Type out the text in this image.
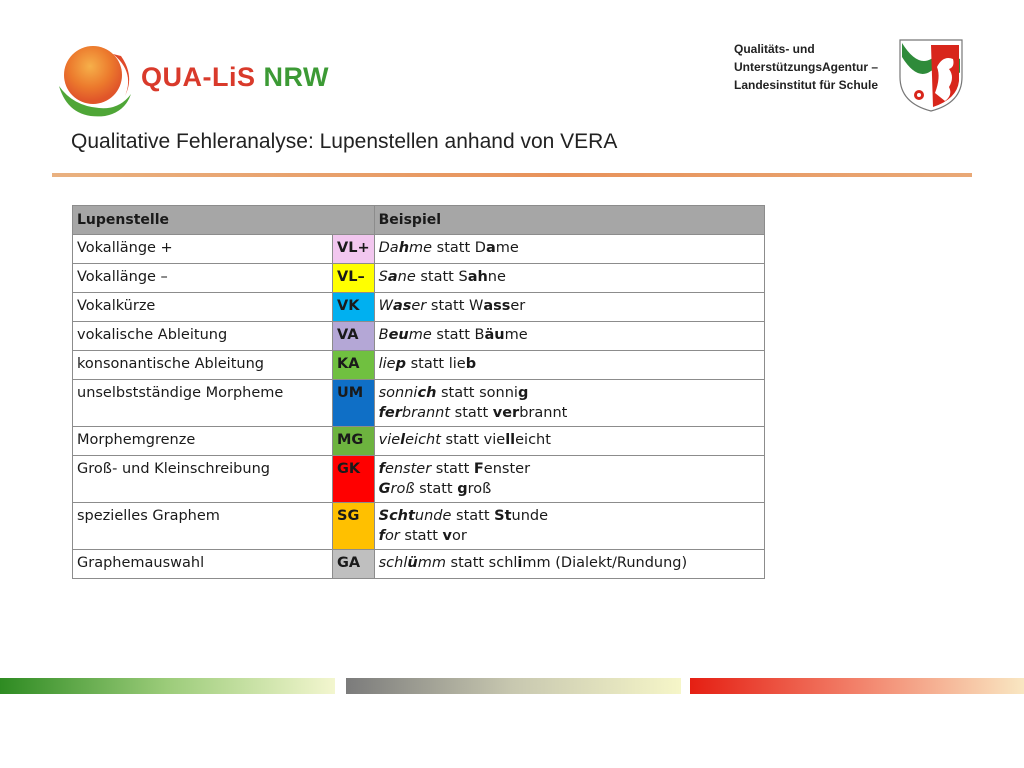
QUA-LiS NRW
Qualitäts- und
UnterstützungsAgentur –
Landesinstitut für Schule
Qualitative Fehleranalyse: Lupenstellen anhand von VERA
Lupenstelle		Beispiel
Vokallänge +	VL+	Dahme statt Dame

Vokallänge –	VL–	Sane statt Sahne

Vokalkürze	VK	Waser statt Wasser

vokalische Ableitung	VA	Beume statt Bäume

konsonantische Ableitung	KA	liep statt lieb

unselbstständige Morpheme	UM	sonnich statt sonnig
ferbrannt statt verbrannt

Morphemgrenze	MG	vieleicht statt vielleicht

Groß- und Kleinschreibung	GK	fenster statt Fenster
Groß statt groß

spezielles Graphem	SG	Schtunde statt Stunde
for statt vor

Graphemauswahl	GA	schlümm statt schlimm (Dialekt/Rundung)
